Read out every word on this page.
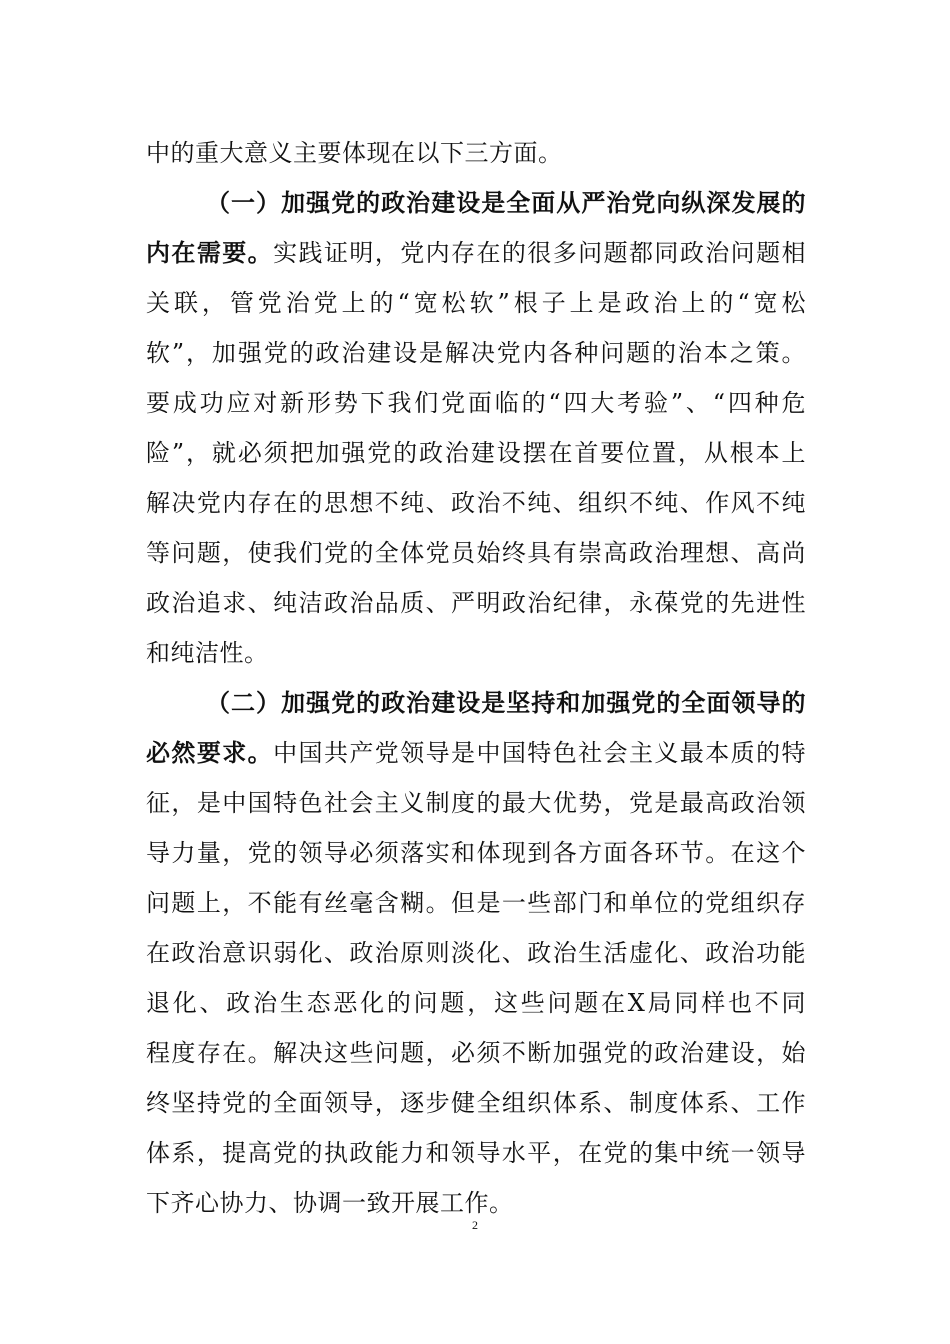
中的重大意义主要体现在以下三方面。
（一）加强党的政治建设是全面从严治党向纵深发展的
内在需要。实践证明，党内存在的很多问题都同政治问题相
关联，管党治党上的“宽松软”根子上是政治上的“宽松
软”，加强党的政治建设是解决党内各种问题的治本之策。
要成功应对新形势下我们党面临的“四大考验”、“四种危
险”，就必须把加强党的政治建设摆在首要位置，从根本上
解决党内存在的思想不纯、政治不纯、组织不纯、作风不纯
等问题，使我们党的全体党员始终具有崇高政治理想、高尚
政治追求、纯洁政治品质、严明政治纪律，永葆党的先进性
和纯洁性。
（二）加强党的政治建设是坚持和加强党的全面领导的
必然要求。中国共产党领导是中国特色社会主义最本质的特
征，是中国特色社会主义制度的最大优势，党是最高政治领
导力量，党的领导必须落实和体现到各方面各环节。在这个
问题上，不能有丝毫含糊。但是一些部门和单位的党组织存
在政治意识弱化、政治原则淡化、政治生活虚化、政治功能
退化、政治生态恶化的问题，这些问题在X局同样也不同
程度存在。解决这些问题，必须不断加强党的政治建设，始
终坚持党的全面领导，逐步健全组织体系、制度体系、工作
体系，提高党的执政能力和领导水平，在党的集中统一领导
下齐心协力、协调一致开展工作。
2
